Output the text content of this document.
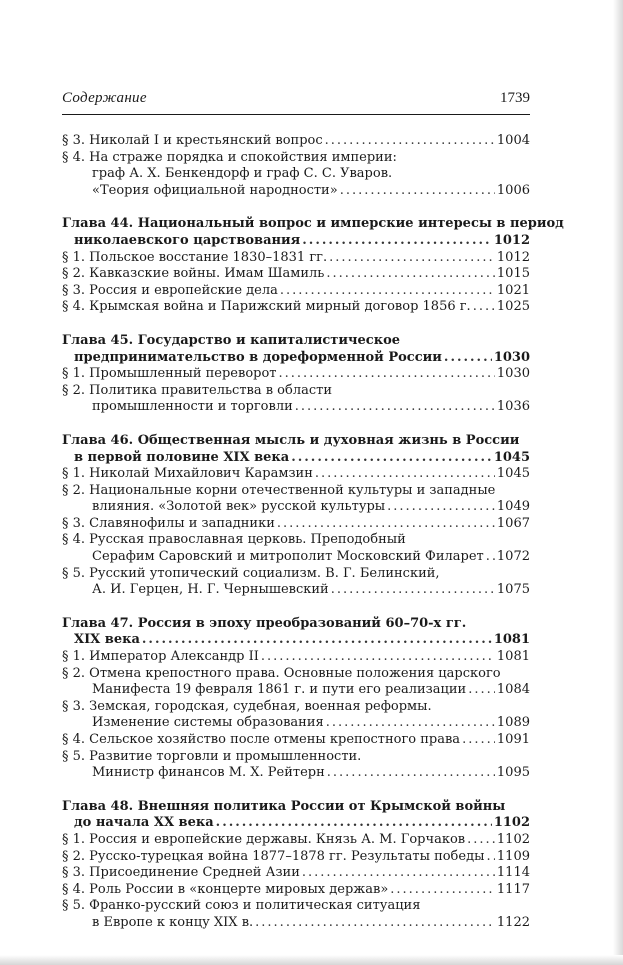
Содержание	1739
§ 3. Николай I и крестьянский вопрос .....	1004
§ 4. На страже порядка и спокойствия империи:
граф А. Х. Бенкендорф и граф С. С. Уваров.
«Теория официальной народности» .....	1006
Глава 44. Национальный вопрос и имперские интересы в период
николаевского царствования .....	1012
§ 1. Польское восстание 1830–1831 гг. .....	1012
§ 2. Кавказские войны. Имам Шамиль .....	1015
§ 3. Россия и европейские дела .....	1021
§ 4. Крымская война и Парижский мирный договор 1856 г. ..... 1025
Глава 45. Государство и капиталистическое
предпринимательство в дореформенной России .....	1030
§ 1. Промышленный переворот .....	1030
§ 2. Политика правительства в области
промышленности и торговли .....	1036
Глава 46. Общественная мысль и духовная жизнь в России
в первой половине XIX века .....	1045
§ 1. Николай Михайлович Карамзин .....	1045
§ 2. Национальные корни отечественной культуры и западные
влияния. «Золотой век» русской культуры .....	1049
§ 3. Славянофилы и западники .....	1067
§ 4. Русская православная церковь. Преподобный
Серафим Саровский и митрополит Московский Филарет ..... 1072
§ 5. Русский утопический социализм. В. Г. Белинский,
А. И. Герцен, Н. Г. Чернышевский .....	1075
Глава 47. Россия в эпоху преобразований 60–70-х гг.
XIX века .....	1081
§ 1. Император Александр II .....	1081
§ 2. Отмена крепостного права. Основные положения царского
Манифеста 19 февраля 1861 г. и пути его реализации ..... 1084
§ 3. Земская, городская, судебная, военная реформы.
Изменение системы образования .....	1089
§ 4. Сельское хозяйство после отмены крепостного права .....	1091
§ 5. Развитие торговли и промышленности.
Министр финансов М. Х. Рейтерн .....	1095
Глава 48. Внешняя политика России от Крымской войны
до начала XX века .....	1102
§ 1. Россия и европейские державы. Князь А. М. Горчаков ..... 1102
§ 2. Русско-турецкая война 1877–1878 гг. Результаты победы ..... 1109
§ 3. Присоединение Средней Азии .....	1114
§ 4. Роль России в «концерте мировых держав» .....	1117
§ 5. Франко-русский союз и политическая ситуация
в Европе к концу XIX в. .....	1122
